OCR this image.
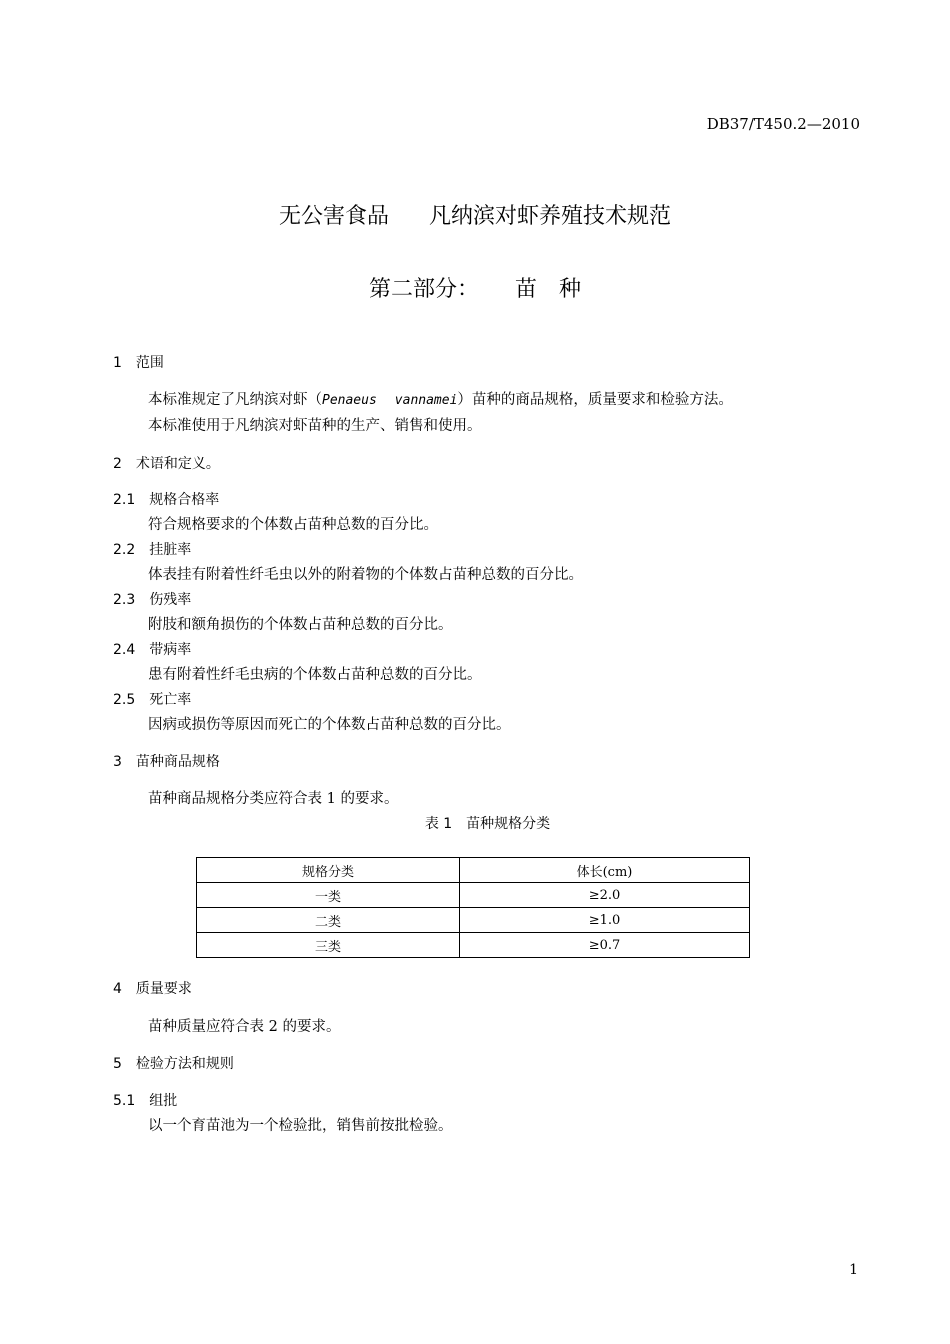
DB37/T450.2—2010
无公害食品 凡纳滨对虾养殖技术规范
第二部分： 苗　种
1 范围
本标准规定了凡纳滨对虾（Penaeus vannamei）苗种的商品规格，质量要求和检验方法。
本标准使用于凡纳滨对虾苗种的生产、销售和使用。
2 术语和定义。
2.1 规格合格率
符合规格要求的个体数占苗种总数的百分比。
2.2 挂脏率
体表挂有附着性纤毛虫以外的附着物的个体数占苗种总数的百分比。
2.3 伤残率
附肢和额角损伤的个体数占苗种总数的百分比。
2.4 带病率
患有附着性纤毛虫病的个体数占苗种总数的百分比。
2.5 死亡率
因病或损伤等原因而死亡的个体数占苗种总数的百分比。
3 苗种商品规格
苗种商品规格分类应符合表 1 的要求。
表 1　苗种规格分类
规格分类	体长(cm)
一类	≥2.0
二类	≥1.0
三类	≥0.7
4 质量要求
苗种质量应符合表 2 的要求。
5 检验方法和规则
5.1 组批
以一个育苗池为一个检验批，销售前按批检验。
1
